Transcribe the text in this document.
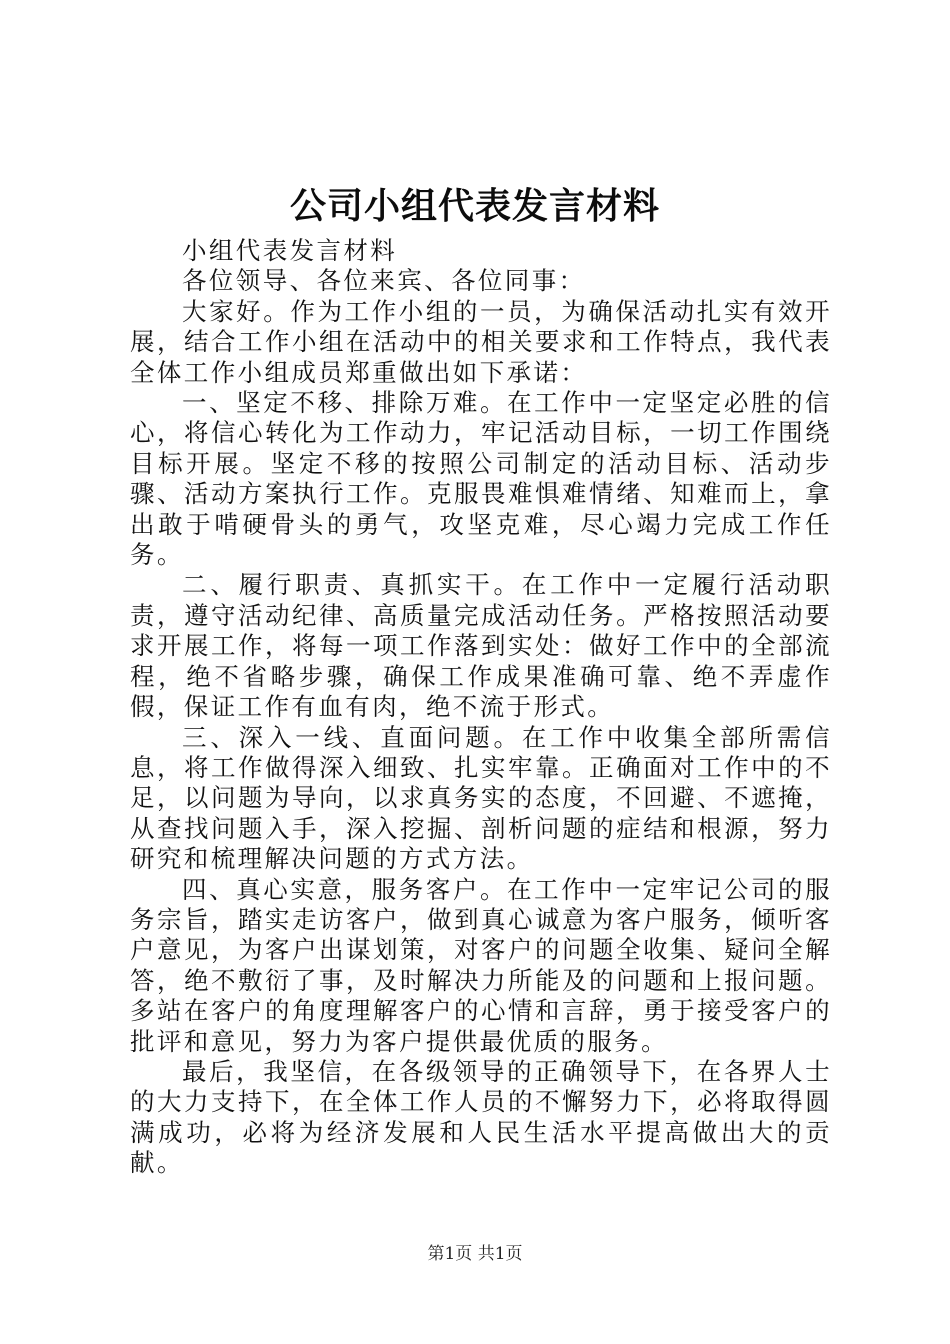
公司小组代表发言材料

小组代表发言材料

各位领导、各位来宾、各位同事：

大家好。作为工作小组的一员，为确保活动扎实有效开展，结合工作小组在活动中的相关要求和工作特点，我代表全体工作小组成员郑重做出如下承诺：

一、坚定不移、排除万难。在工作中一定坚定必胜的信心，将信心转化为工作动力，牢记活动目标，一切工作围绕目标开展。坚定不移的按照公司制定的活动目标、活动步骤、活动方案执行工作。克服畏难惧难情绪、知难而上，拿出敢于啃硬骨头的勇气，攻坚克难，尽心竭力完成工作任务。

二、履行职责、真抓实干。在工作中一定履行活动职责，遵守活动纪律、高质量完成活动任务。严格按照活动要求开展工作，将每一项工作落到实处：做好工作中的全部流程，绝不省略步骤，确保工作成果准确可靠、绝不弄虚作假，保证工作有血有肉，绝不流于形式。

三、深入一线、直面问题。在工作中收集全部所需信息，将工作做得深入细致、扎实牢靠。正确面对工作中的不足，以问题为导向，以求真务实的态度，不回避、不遮掩，从查找问题入手，深入挖掘、剖析问题的症结和根源，努力研究和梳理解决问题的方式方法。

四、真心实意，服务客户。在工作中一定牢记公司的服务宗旨，踏实走访客户，做到真心诚意为客户服务，倾听客户意见，为客户出谋划策，对客户的问题全收集、疑问全解答，绝不敷衍了事，及时解决力所能及的问题和上报问题。多站在客户的角度理解客户的心情和言辞，勇于接受客户的批评和意见，努力为客户提供最优质的服务。

最后，我坚信，在各级领导的正确领导下，在各界人士的大力支持下，在全体工作人员的不懈努力下，必将取得圆满成功，必将为经济发展和人民生活水平提高做出大的贡献。

第1页 共1页
